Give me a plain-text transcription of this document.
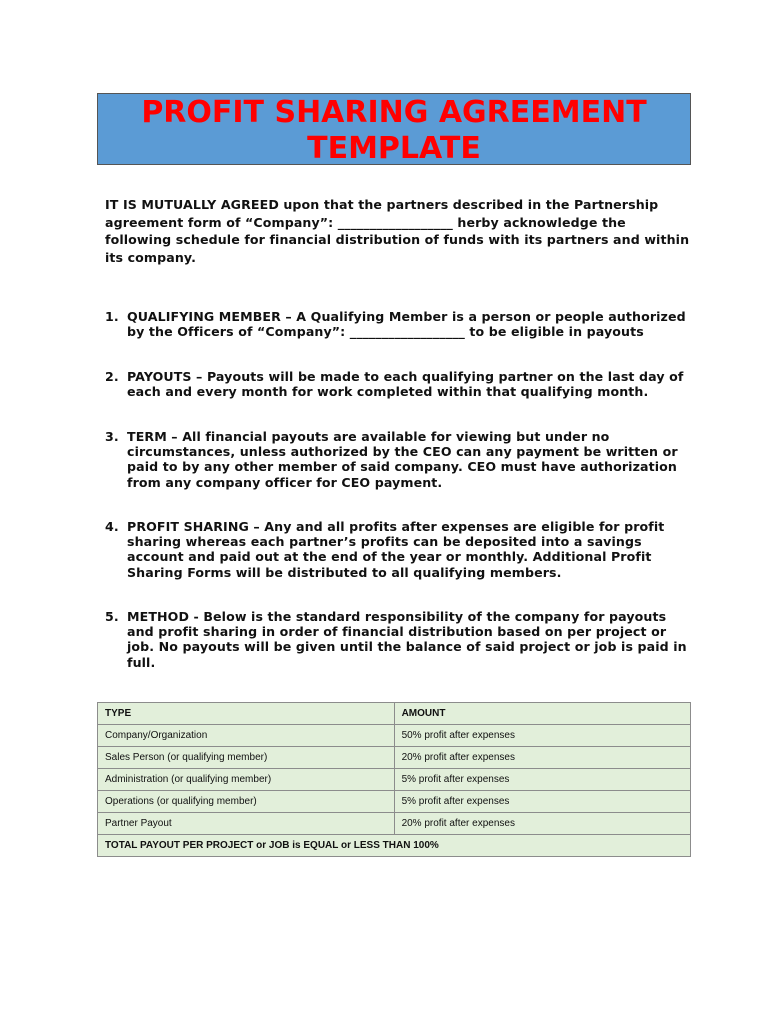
PROFIT SHARING AGREEMENT TEMPLATE
IT IS MUTUALLY AGREED upon that the partners described in the Partnership agreement form of “Company”: __________________ herby acknowledge the following schedule for financial distribution of funds with its partners and within its company.
1. QUALIFYING MEMBER – A Qualifying Member is a person or people authorized by the Officers of “Company”: __________________ to be eligible in payouts
2. PAYOUTS – Payouts will be made to each qualifying partner on the last day of each and every month for work completed within that qualifying month.
3. TERM – All financial payouts are available for viewing but under no circumstances, unless authorized by the CEO can any payment be written or paid to by any other member of said company. CEO must have authorization from any company officer for CEO payment.
4. PROFIT SHARING – Any and all profits after expenses are eligible for profit sharing whereas each partner’s profits can be deposited into a savings account and paid out at the end of the year or monthly. Additional Profit Sharing Forms will be distributed to all qualifying members.
5. METHOD - Below is the standard responsibility of the company for payouts and profit sharing in order of financial distribution based on per project or job. No payouts will be given until the balance of said project or job is paid in full.
TYPE	AMOUNT
Company/Organization	50% profit after expenses
Sales Person (or qualifying member)	20% profit after expenses
Administration (or qualifying member)	5% profit after expenses
Operations (or qualifying member)	5% profit after expenses
Partner Payout	20% profit after expenses
TOTAL PAYOUT PER PROJECT or JOB is EQUAL or LESS THAN 100%	
